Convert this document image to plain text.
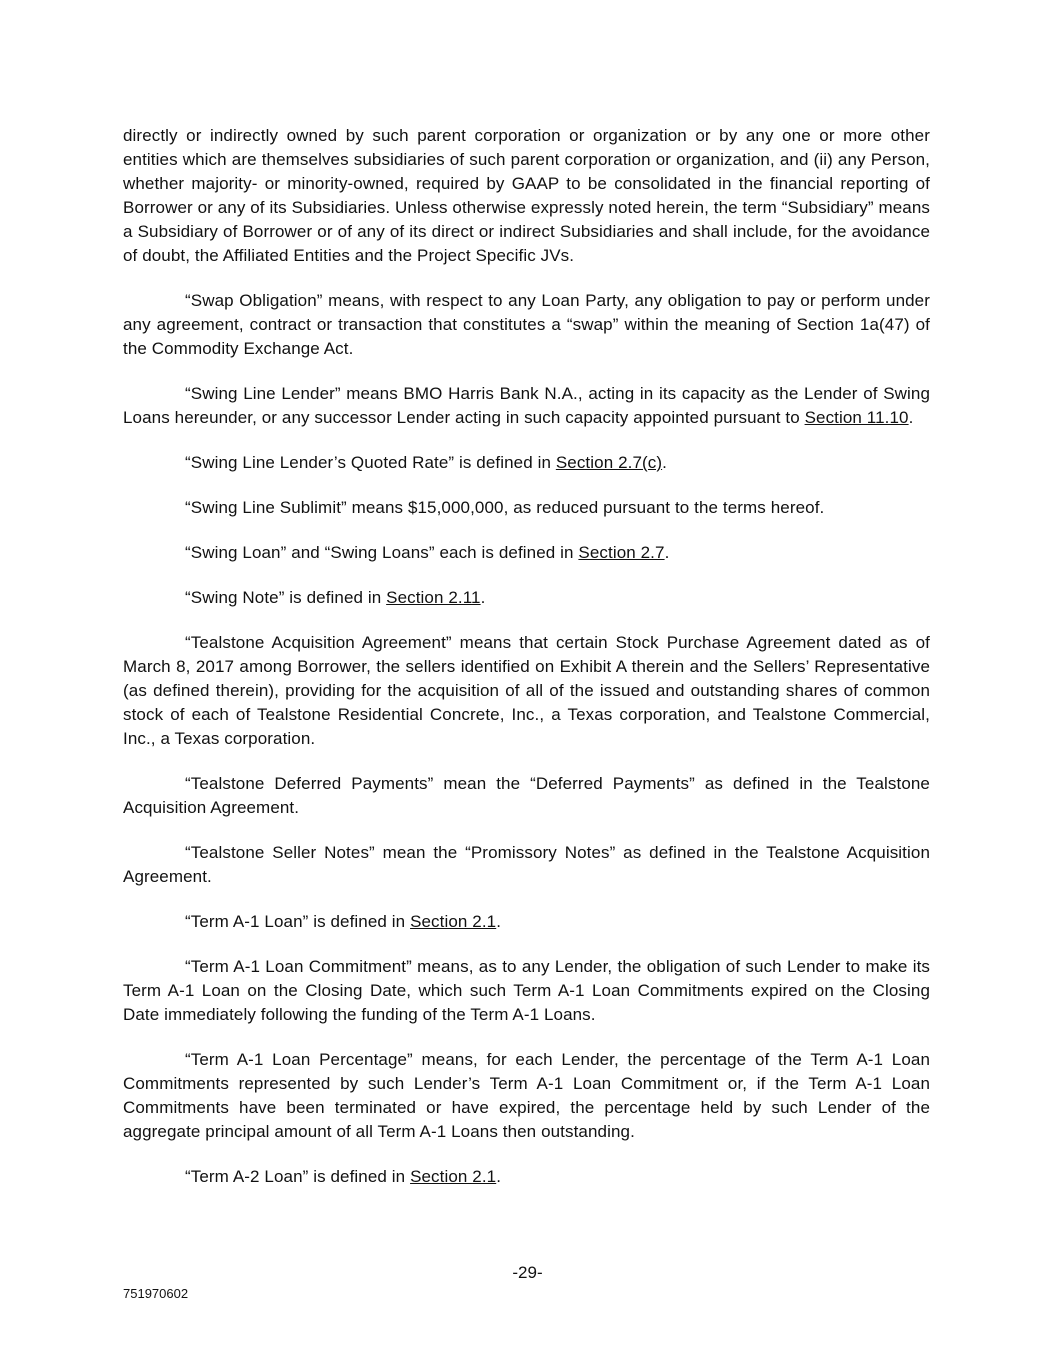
directly or indirectly owned by such parent corporation or organization or by any one or more other entities which are themselves subsidiaries of such parent corporation or organization, and (ii) any Person, whether majority- or minority-owned, required by GAAP to be consolidated in the financial reporting of Borrower or any of its Subsidiaries. Unless otherwise expressly noted herein, the term “Subsidiary” means a Subsidiary of Borrower or of any of its direct or indirect Subsidiaries and shall include, for the avoidance of doubt, the Affiliated Entities and the Project Specific JVs.

“Swap Obligation” means, with respect to any Loan Party, any obligation to pay or perform under any agreement, contract or transaction that constitutes a “swap” within the meaning of Section 1a(47) of the Commodity Exchange Act.

“Swing Line Lender” means BMO Harris Bank N.A., acting in its capacity as the Lender of Swing Loans hereunder, or any successor Lender acting in such capacity appointed pursuant to Section 11.10.

“Swing Line Lender’s Quoted Rate” is defined in Section 2.7(c).

“Swing Line Sublimit” means $15,000,000, as reduced pursuant to the terms hereof.

“Swing Loan” and “Swing Loans” each is defined in Section 2.7.

“Swing Note” is defined in Section 2.11.

“Tealstone Acquisition Agreement” means that certain Stock Purchase Agreement dated as of March 8, 2017 among Borrower, the sellers identified on Exhibit A therein and the Sellers’ Representative (as defined therein), providing for the acquisition of all of the issued and outstanding shares of common stock of each of Tealstone Residential Concrete, Inc., a Texas corporation, and Tealstone Commercial, Inc., a Texas corporation.

“Tealstone Deferred Payments” mean the “Deferred Payments” as defined in the Tealstone Acquisition Agreement.

“Tealstone Seller Notes” mean the “Promissory Notes” as defined in the Tealstone Acquisition Agreement.

“Term A-1 Loan” is defined in Section 2.1.

“Term A-1 Loan Commitment” means, as to any Lender, the obligation of such Lender to make its Term A-1 Loan on the Closing Date, which such Term A-1 Loan Commitments expired on the Closing Date immediately following the funding of the Term A-1 Loans.

“Term A-1 Loan Percentage” means, for each Lender, the percentage of the Term A-1 Loan Commitments represented by such Lender’s Term A-1 Loan Commitment or, if the Term A-1 Loan Commitments have been terminated or have expired, the percentage held by such Lender of the aggregate principal amount of all Term A-1 Loans then outstanding.

“Term A-2 Loan” is defined in Section 2.1.

-29-
751970602
